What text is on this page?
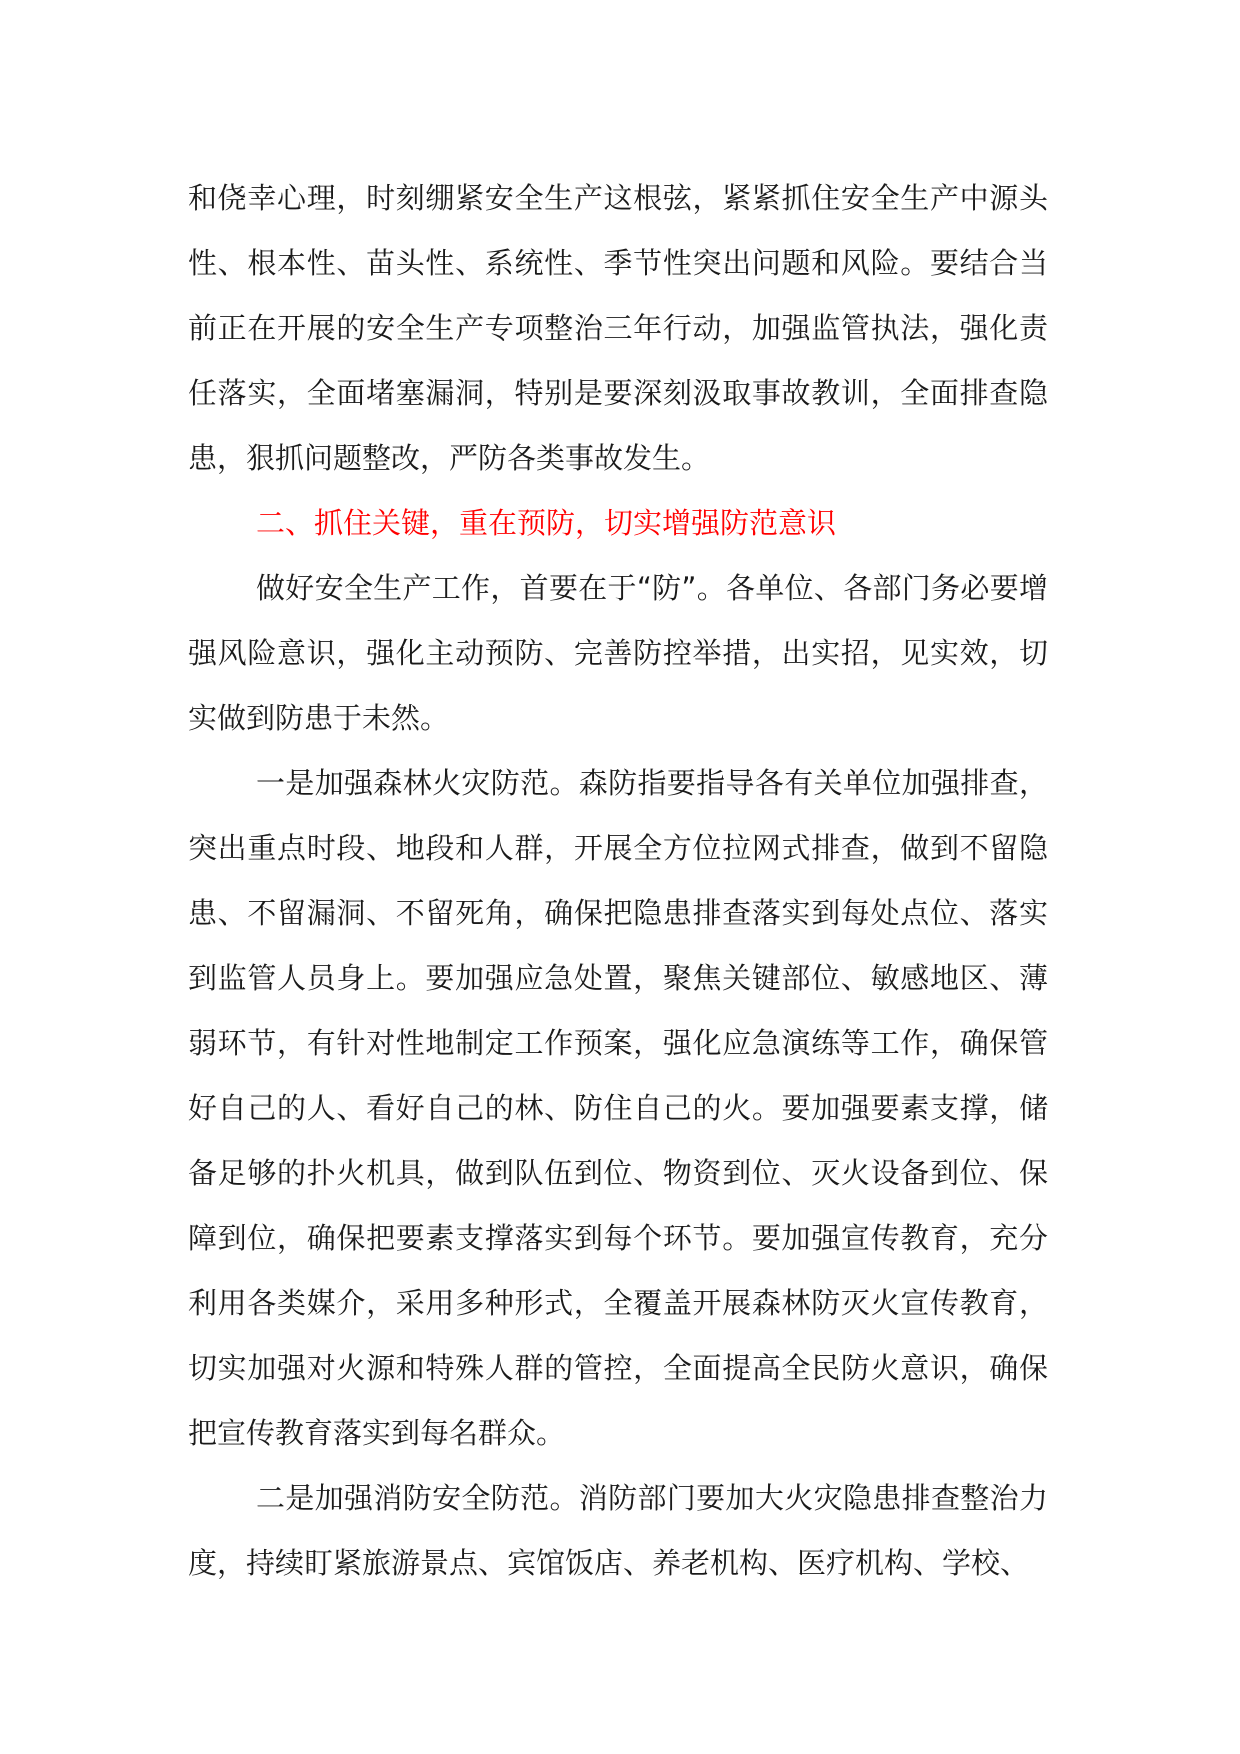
和侥幸心理，时刻绷紧安全生产这根弦，紧紧抓住安全生产中源头性、根本性、苗头性、系统性、季节性突出问题和风险。要结合当前正在开展的安全生产专项整治三年行动，加强监管执法，强化责任落实，全面堵塞漏洞，特别是要深刻汲取事故教训，全面排查隐患，狠抓问题整改，严防各类事故发生。

二、抓住关键，重在预防，切实增强防范意识

做好安全生产工作，首要在于“防”。各单位、各部门务必要增强风险意识，强化主动预防、完善防控举措，出实招，见实效，切实做到防患于未然。

一是加强森林火灾防范。森防指要指导各有关单位加强排查，突出重点时段、地段和人群，开展全方位拉网式排查，做到不留隐患、不留漏洞、不留死角，确保把隐患排查落实到每处点位、落实到监管人员身上。要加强应急处置，聚焦关键部位、敏感地区、薄弱环节，有针对性地制定工作预案，强化应急演练等工作，确保管好自己的人、看好自己的林、防住自己的火。要加强要素支撑，储备足够的扑火机具，做到队伍到位、物资到位、灭火设备到位、保障到位，确保把要素支撑落实到每个环节。要加强宣传教育，充分利用各类媒介，采用多种形式，全覆盖开展森林防灭火宣传教育，切实加强对火源和特殊人群的管控，全面提高全民防火意识，确保把宣传教育落实到每名群众。

二是加强消防安全防范。消防部门要加大火灾隐患排查整治力度，持续盯紧旅游景点、宾馆饭店、养老机构、医疗机构、学校、
